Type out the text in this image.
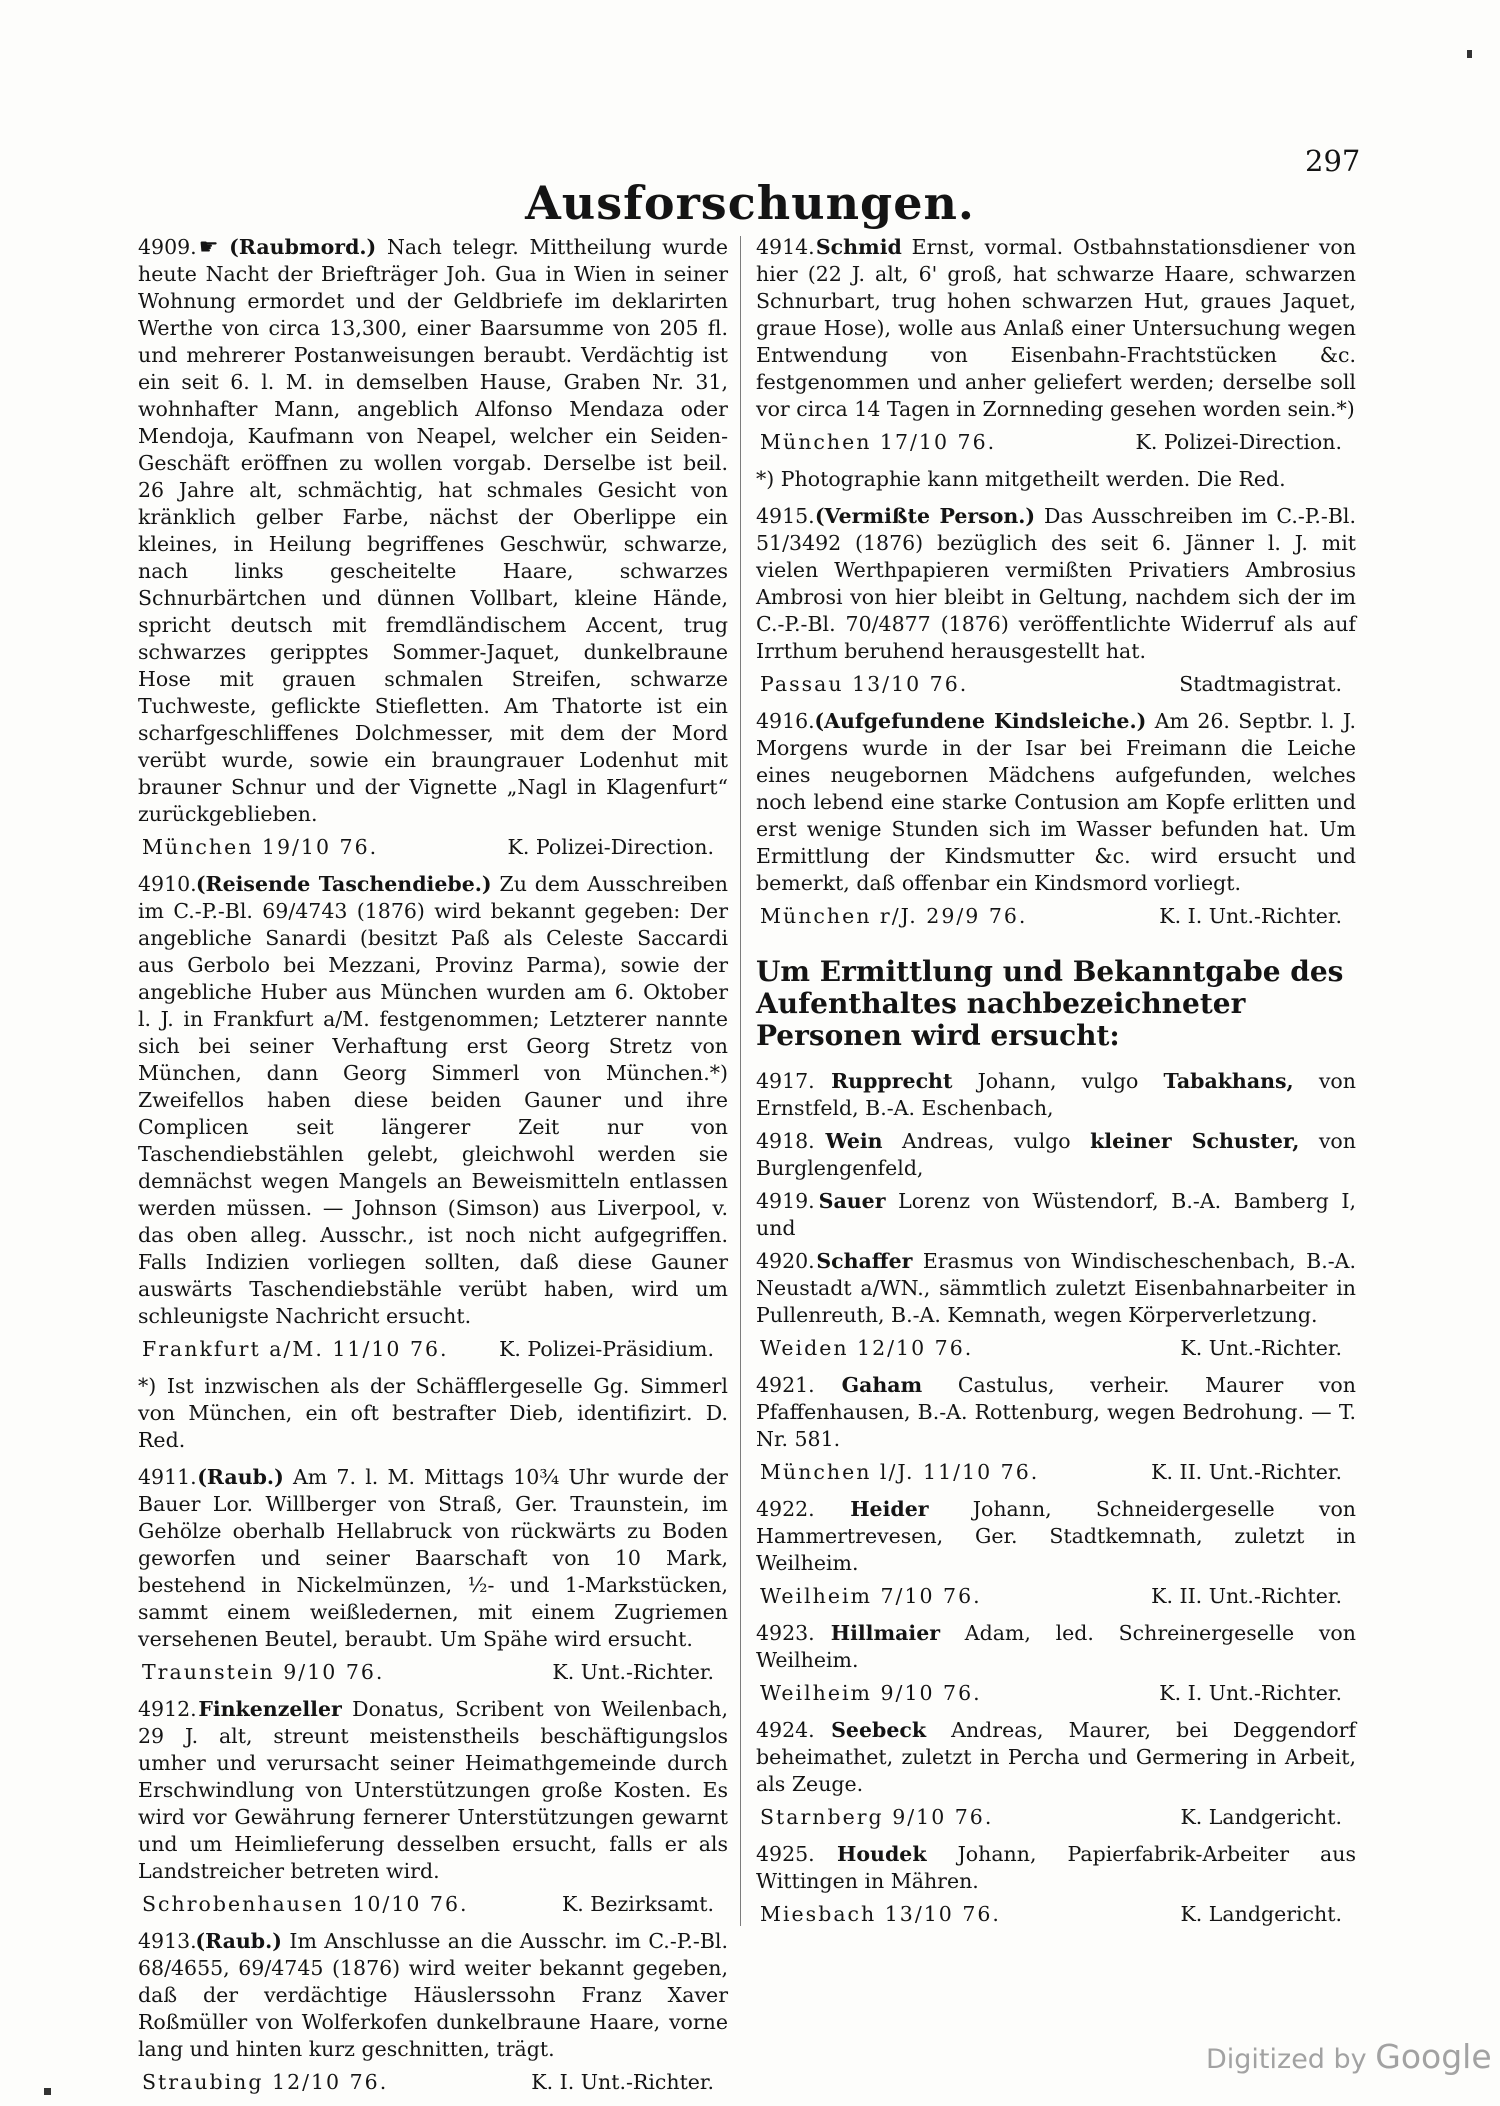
297
Ausforschungen.
4909. ☛ (Raubmord.) Nach telegr. Mittheilung wurde heute Nacht der Briefträger Joh. Gua in Wien in seiner Wohnung ermordet und der Geldbriefe im deklarirten Werthe von circa 13,300, einer Baarsumme von 205 fl. und mehrerer Postanweisungen beraubt. Verdächtig ist ein seit 6. l. M. in demselben Hause, Graben Nr. 31, wohnhafter Mann, angeblich Alfonso Mendaza oder Mendoja, Kaufmann von Neapel, welcher ein Seiden-Geschäft eröffnen zu wollen vorgab. Derselbe ist beil. 26 Jahre alt, schmächtig, hat schmales Gesicht von kränklich gelber Farbe, nächst der Oberlippe ein kleines, in Heilung begriffenes Geschwür, schwarze, nach links gescheitelte Haare, schwarzes Schnurbärtchen und dünnen Vollbart, kleine Hände, spricht deutsch mit fremdländischem Accent, trug schwarzes geripptes Sommer-Jaquet, dunkelbraune Hose mit grauen schmalen Streifen, schwarze Tuchweste, geflickte Stiefletten. Am Thatorte ist ein scharfgeschliffenes Dolchmesser, mit dem der Mord verübt wurde, sowie ein braungrauer Lodenhut mit brauner Schnur und der Vignette „Nagl in Klagenfurt“ zurückgeblieben.
München 19/10 76.	K. Polizei-Direction.
4910. (Reisende Taschendiebe.) Zu dem Ausschreiben im C.-P.-Bl. 69/4743 (1876) wird bekannt gegeben: Der angebliche Sanardi (besitzt Paß als Celeste Saccardi aus Gerbolo bei Mezzani, Provinz Parma), sowie der angebliche Huber aus München wurden am 6. Oktober l. J. in Frankfurt a/M. festgenommen; Letzterer nannte sich bei seiner Verhaftung erst Georg Stretz von München, dann Georg Simmerl von München.*) Zweifellos haben diese beiden Gauner und ihre Complicen seit längerer Zeit nur von Taschendiebstählen gelebt, gleichwohl werden sie demnächst wegen Mangels an Beweismitteln entlassen werden müssen. — Johnson (Simson) aus Liverpool, v. das oben alleg. Ausschr., ist noch nicht aufgegriffen. Falls Indizien vorliegen sollten, daß diese Gauner auswärts Taschendiebstähle verübt haben, wird um schleunigste Nachricht ersucht.
Frankfurt a/M. 11/10 76. K. Polizei-Präsidium.
*) Ist inzwischen als der Schäfflergeselle Gg. Simmerl von München, ein oft bestrafter Dieb, identifizirt. D. Red.
4911. (Raub.) Am 7. l. M. Mittags 10¾ Uhr wurde der Bauer Lor. Willberger von Straß, Ger. Traunstein, im Gehölze oberhalb Hellabruck von rückwärts zu Boden geworfen und seiner Baarschaft von 10 Mark, bestehend in Nickelmünzen, ½- und 1-Markstücken, sammt einem weißledernen, mit einem Zugriemen versehenen Beutel, beraubt. Um Spähe wird ersucht.
Traunstein 9/10 76.	K. Unt.-Richter.
4912. Finkenzeller Donatus, Scribent von Weilenbach, 29 J. alt, streunt meistenstheils beschäftigungslos umher und verursacht seiner Heimathgemeinde durch Erschwindlung von Unterstützungen große Kosten. Es wird vor Gewährung fernerer Unterstützungen gewarnt und um Heimlieferung desselben ersucht, falls er als Landstreicher betreten wird.
Schrobenhausen 10/10 76.	K. Bezirksamt.
4913. (Raub.) Im Anschlusse an die Ausschr. im C.-P.-Bl. 68/4655, 69/4745 (1876) wird weiter bekannt gegeben, daß der verdächtige Häuslerssohn Franz Xaver Roßmüller von Wolferkofen dunkelbraune Haare, vorne lang und hinten kurz geschnitten, trägt.
Straubing 12/10 76.	K. I. Unt.-Richter.
4914. Schmid Ernst, vormal. Ostbahnstationsdiener von hier (22 J. alt, 6' groß, hat schwarze Haare, schwarzen Schnurbart, trug hohen schwarzen Hut, graues Jaquet, graue Hose), wolle aus Anlaß einer Untersuchung wegen Entwendung von Eisenbahn-Frachtstücken &c. festgenommen und anher geliefert werden; derselbe soll vor circa 14 Tagen in Zornneding gesehen worden sein.*)
München 17/10 76.	K. Polizei-Direction.
*) Photographie kann mitgetheilt werden. Die Red.
4915. (Vermißte Person.) Das Ausschreiben im C.-P.-Bl. 51/3492 (1876) bezüglich des seit 6. Jänner l. J. mit vielen Werthpapieren vermißten Privatiers Ambrosius Ambrosi von hier bleibt in Geltung, nachdem sich der im C.-P.-Bl. 70/4877 (1876) veröffentlichte Widerruf als auf Irrthum beruhend herausgestellt hat.
Passau 13/10 76.	Stadtmagistrat.
4916. (Aufgefundene Kindsleiche.) Am 26. Septbr. l. J. Morgens wurde in der Isar bei Freimann die Leiche eines neugebornen Mädchens aufgefunden, welches noch lebend eine starke Contusion am Kopfe erlitten und erst wenige Stunden sich im Wasser befunden hat. Um Ermittlung der Kindsmutter &c. wird ersucht und bemerkt, daß offenbar ein Kindsmord vorliegt.
München r/J. 29/9 76.	K. I. Unt.-Richter.
Um Ermittlung und Bekanntgabe des Aufenthaltes nachbezeichneter Personen wird ersucht:
4917. Rupprecht Johann, vulgo Tabakhans, von Ernstfeld, B.-A. Eschenbach,
4918. Wein Andreas, vulgo kleiner Schuster, von Burglengenfeld,
4919. Sauer Lorenz von Wüstendorf, B.-A. Bamberg I, und
4920. Schaffer Erasmus von Windischeschenbach, B.-A. Neustadt a/WN., sämmtlich zuletzt Eisenbahnarbeiter in Pullenreuth, B.-A. Kemnath, wegen Körperverletzung.
Weiden 12/10 76.	K. Unt.-Richter.
4921. Gaham Castulus, verheir. Maurer von Pfaffenhausen, B.-A. Rottenburg, wegen Bedrohung. — T. Nr. 581.
München l/J. 11/10 76.	K. II. Unt.-Richter.
4922. Heider Johann, Schneidergeselle von Hammertrevesen, Ger. Stadtkemnath, zuletzt in Weilheim.
Weilheim 7/10 76.	K. II. Unt.-Richter.
4923. Hillmaier Adam, led. Schreinergeselle von Weilheim.
Weilheim 9/10 76.	K. I. Unt.-Richter.
4924. Seebeck Andreas, Maurer, bei Deggendorf beheimathet, zuletzt in Percha und Germering in Arbeit, als Zeuge.
Starnberg 9/10 76.	K. Landgericht.
4925. Houdek Johann, Papierfabrik-Arbeiter aus Wittingen in Mähren.
Miesbach 13/10 76.	K. Landgericht.
Digitized by Google
